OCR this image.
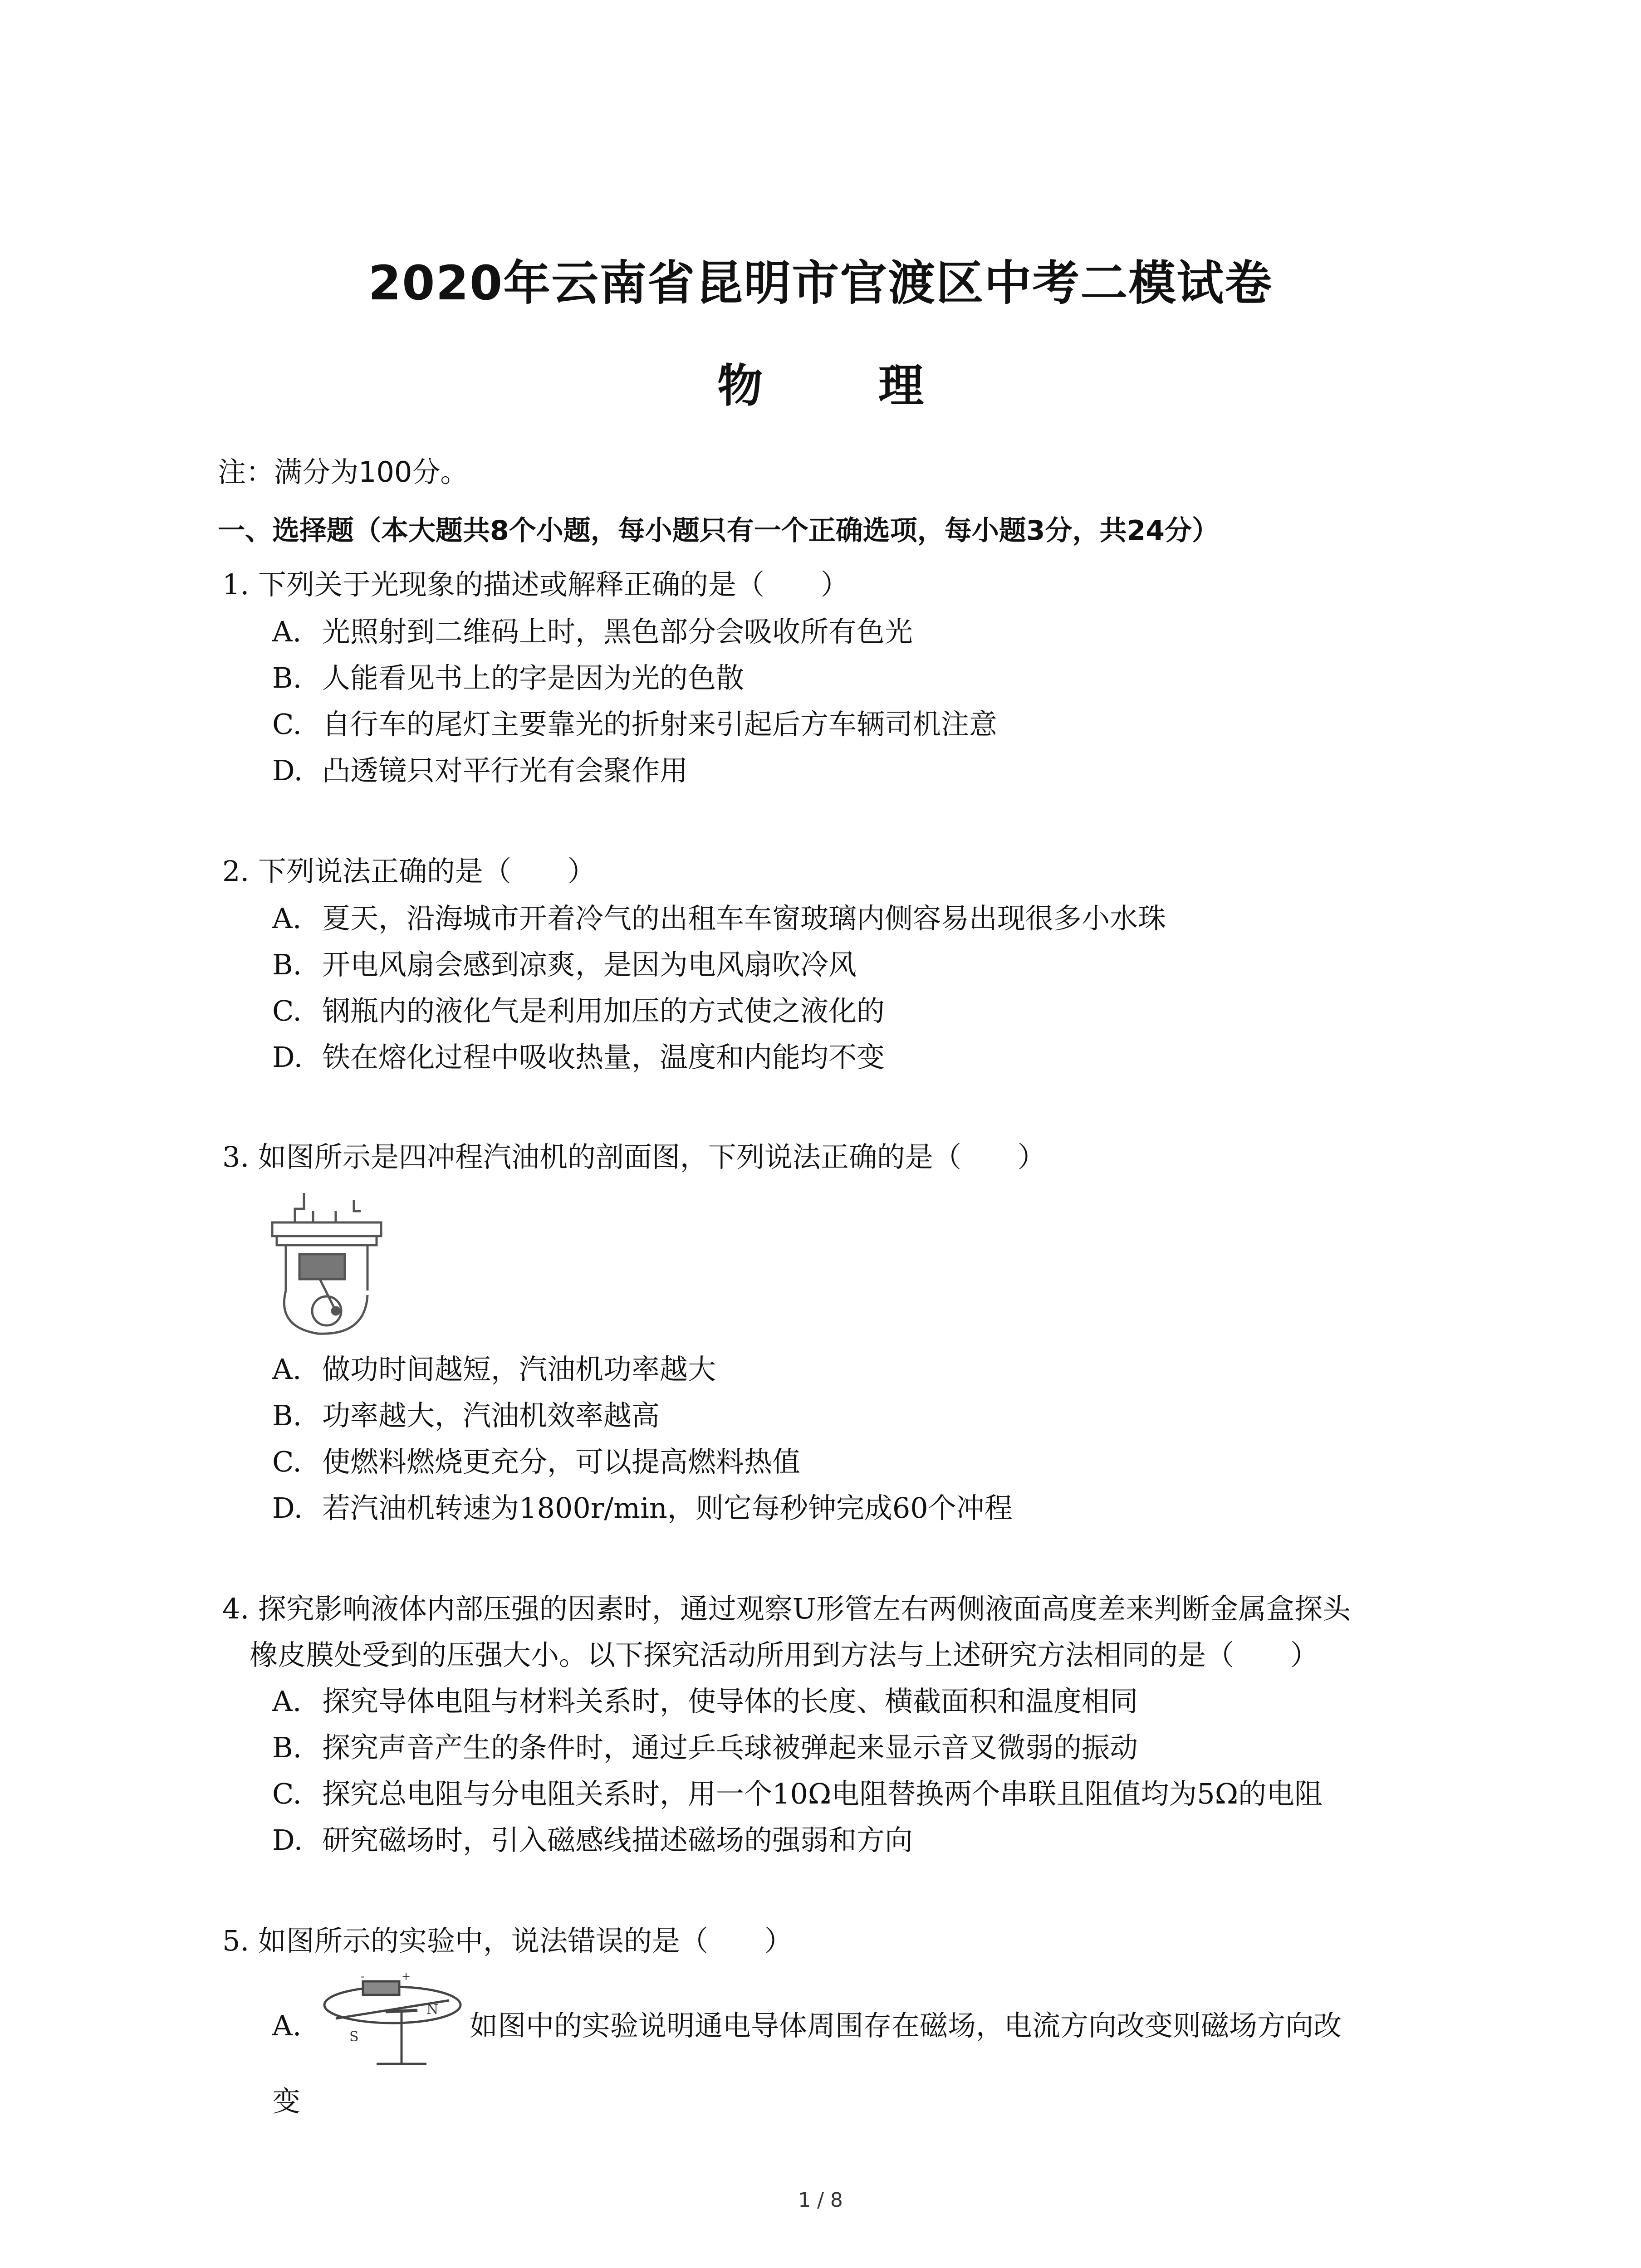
2020年云南省昆明市官渡区中考二模试卷
物 理
注：满分为100分。
一、选择题（本大题共8个小题，每小题只有一个正确选项，每小题3分，共24分）
1. 下列关于光现象的描述或解释正确的是（　　）
A. 光照射到二维码上时，黑色部分会吸收所有色光
B. 人能看见书上的字是因为光的色散
C. 自行车的尾灯主要靠光的折射来引起后方车辆司机注意
D. 凸透镜只对平行光有会聚作用
2. 下列说法正确的是（　　）
A. 夏天，沿海城市开着冷气的出租车车窗玻璃内侧容易出现很多小水珠
B. 开电风扇会感到凉爽，是因为电风扇吹冷风
C. 钢瓶内的液化气是利用加压的方式使之液化的
D. 铁在熔化过程中吸收热量，温度和内能均不变
3. 如图所示是四冲程汽油机的剖面图，下列说法正确的是（　　）
A. 做功时间越短，汽油机功率越大
B. 功率越大，汽油机效率越高
C. 使燃料燃烧更充分，可以提高燃料热值
D. 若汽油机转速为1800r/min，则它每秒钟完成60个冲程
4. 探究影响液体内部压强的因素时，通过观察U形管左右两侧液面高度差来判断金属盒探头
橡皮膜处受到的压强大小。以下探究活动所用到方法与上述研究方法相同的是（　　）
A. 探究导体电阻与材料关系时，使导体的长度、横截面积和温度相同
B. 探究声音产生的条件时，通过乒乓球被弹起来显示音叉微弱的振动
C. 探究总电阻与分电阻关系时，用一个10Ω电阻替换两个串联且阻值均为5Ω的电阻
D. 研究磁场时，引入磁感线描述磁场的强弱和方向
5. 如图所示的实验中，说法错误的是（　　）
A.
-	+
N
S	如图中的实验说明通电导体周围存在磁场，电流方向改变则磁场方向改
变
1 / 8
